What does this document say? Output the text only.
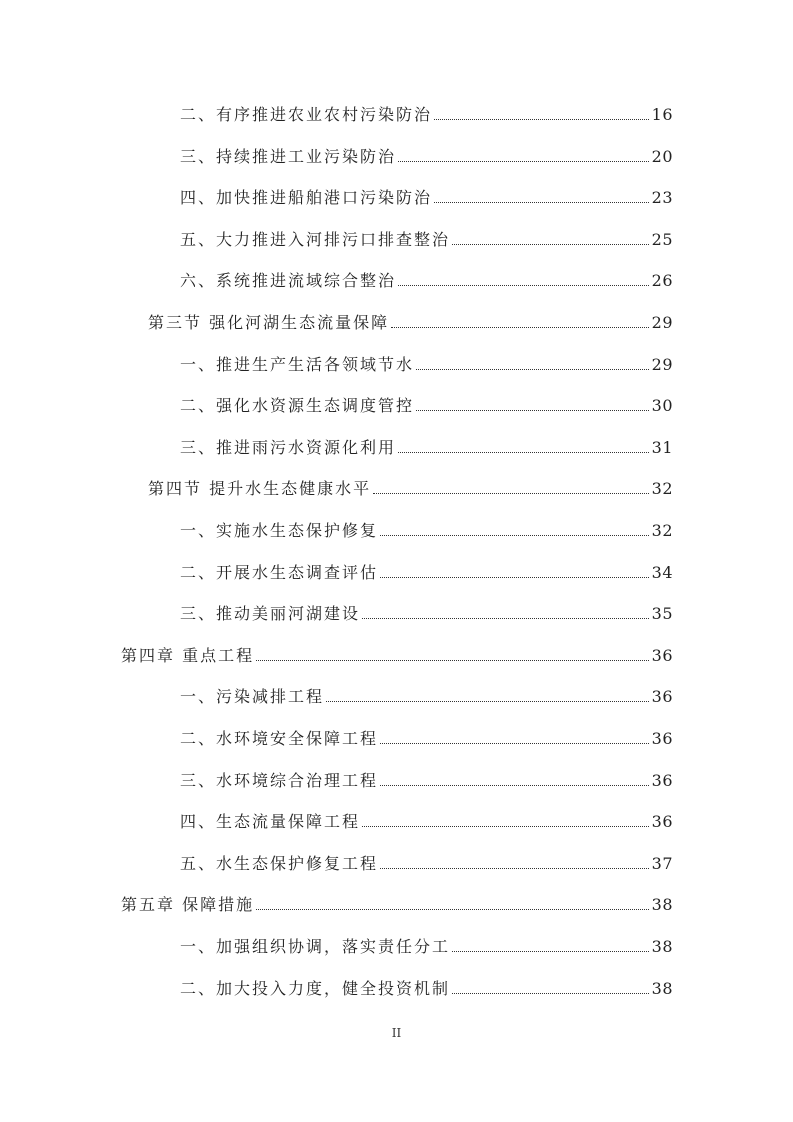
二、有序推进农业农村污染防治	16
三、持续推进工业污染防治	20
四、加快推进船舶港口污染防治	23
五、大力推进入河排污口排查整治	25
六、系统推进流域综合整治	26
第三节 强化河湖生态流量保障	29
一、推进生产生活各领域节水	29
二、强化水资源生态调度管控	30
三、推进雨污水资源化利用	31
第四节 提升水生态健康水平	32
一、实施水生态保护修复	32
二、开展水生态调查评估	34
三、推动美丽河湖建设	35
第四章 重点工程	36
一、污染减排工程	36
二、水环境安全保障工程	36
三、水环境综合治理工程	36
四、生态流量保障工程	36
五、水生态保护修复工程	37
第五章 保障措施	38
一、加强组织协调，落实责任分工	38
二、加大投入力度，健全投资机制	38
II
